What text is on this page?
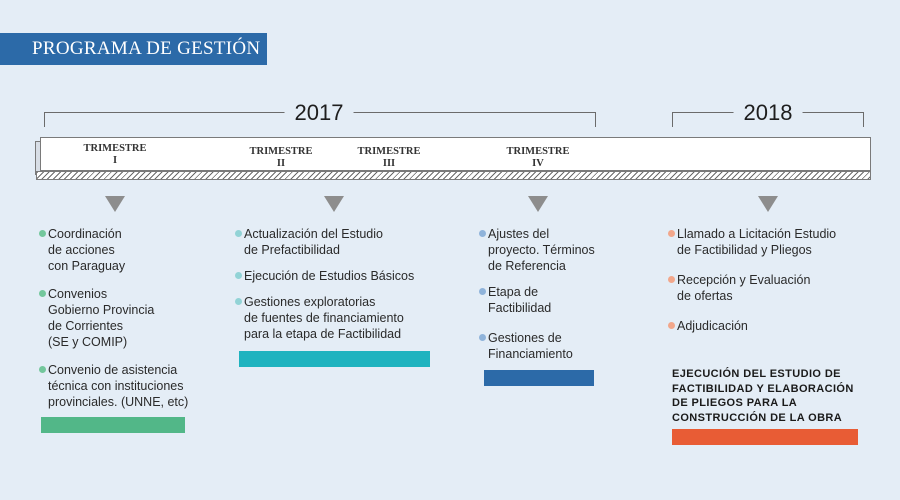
PROGRAMA DE GESTIÓN
2017	2018
TRIMESTRE
I
TRIMESTRE
II
TRIMESTRE
III
TRIMESTRE
IV
Coordinación
de acciones
con Paraguay
Convenios
Gobierno Provincia
de Corrientes
(SE y COMIP)
Convenio de asistencia
técnica con instituciones
provinciales. (UNNE, etc)
Actualización del Estudio
de Prefactibilidad
Ejecución de Estudios Básicos
Gestiones exploratorias
de fuentes de financiamiento
para la etapa de Factibilidad
Ajustes del
proyecto. Términos
de Referencia
Etapa de
Factibilidad
Gestiones de
Financiamiento
Llamado a Licitación Estudio
de Factibilidad y Pliegos
Recepción y Evaluación
de ofertas
Adjudicación
EJECUCIÓN DEL ESTUDIO DE
FACTIBILIDAD Y ELABORACIÓN
DE PLIEGOS PARA LA
CONSTRUCCIÓN DE LA OBRA
